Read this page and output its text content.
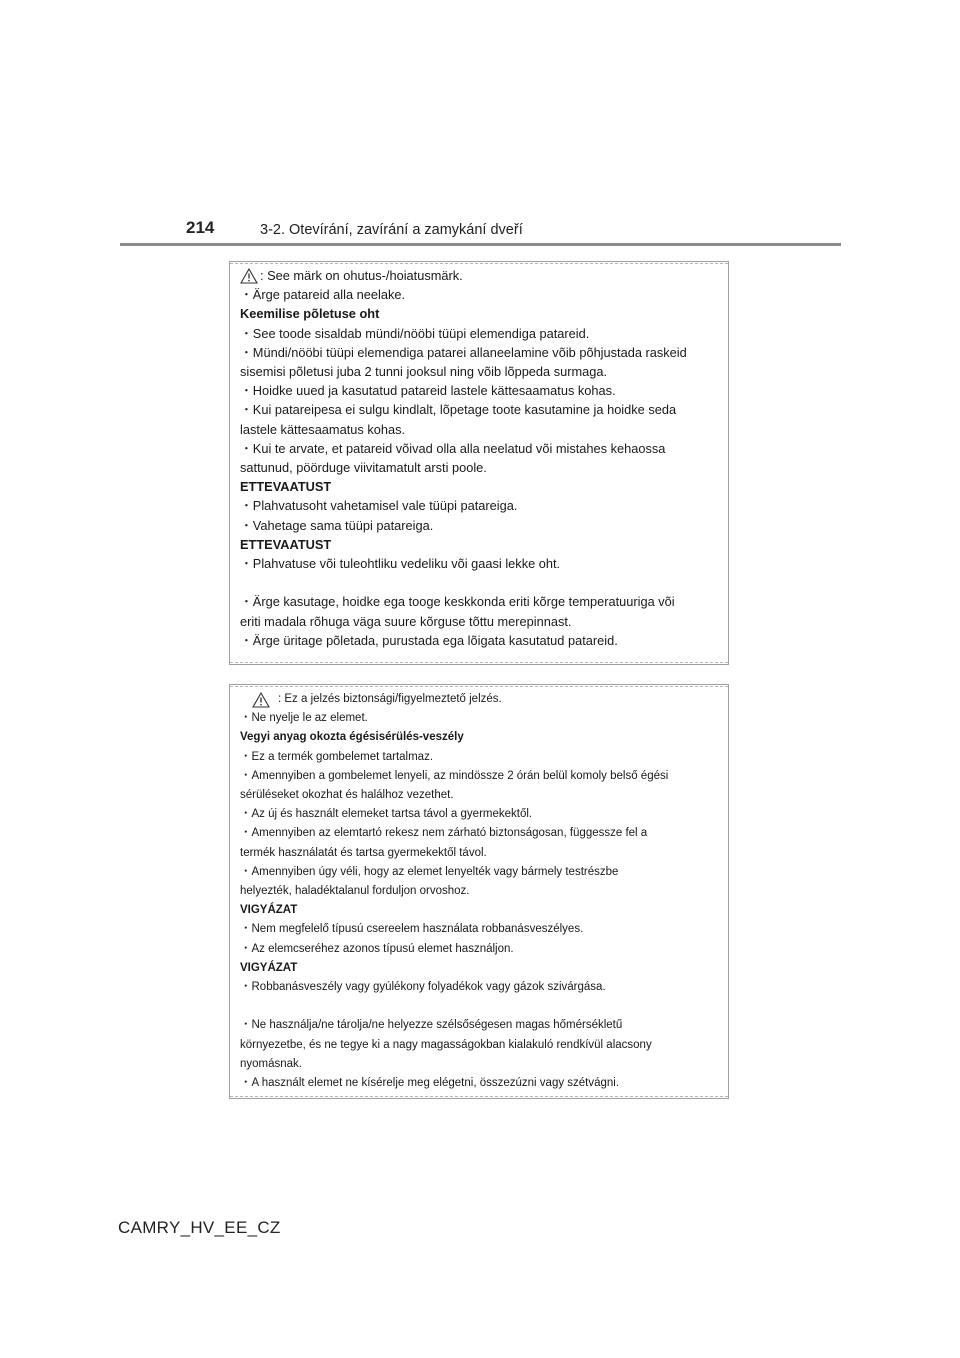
214	3-2. Otevírání, zavírání a zamykání dveří
: See märk on ohutus-/hoiatusmärk.
・Ärge patareid alla neelake.
Keemilise põletuse oht
・See toode sisaldab mündi/nööbi tüüpi elemendiga patareid.
・Mündi/nööbi tüüpi elemendiga patarei allaneelamine võib põhjustada raskeid
sisemisi põletusi juba 2 tunni jooksul ning võib lõppeda surmaga.
・Hoidke uued ja kasutatud patareid lastele kättesaamatus kohas.
・Kui patareipesa ei sulgu kindlalt, lõpetage toote kasutamine ja hoidke seda
lastele kättesaamatus kohas.
・Kui te arvate, et patareid võivad olla alla neelatud või mistahes kehaossa
sattunud, pöörduge viivitamatult arsti poole.
ETTEVAATUST
・Plahvatusoht vahetamisel vale tüüpi patareiga.
・Vahetage sama tüüpi patareiga.
ETTEVAATUST
・Plahvatuse või tuleohtliku vedeliku või gaasi lekke oht.
・Ärge kasutage, hoidke ega tooge keskkonda eriti kõrge temperatuuriga või
eriti madala rõhuga väga suure kõrguse tõttu merepinnast.
・Ärge üritage põletada, purustada ega lõigata kasutatud patareid.
: Ez a jelzés biztonsági/figyelmeztető jelzés.
・Ne nyelje le az elemet.
Vegyi anyag okozta égésisérülés-veszély
・Ez a termék gombelemet tartalmaz.
・Amennyiben a gombelemet lenyeli, az mindössze 2 órán belül komoly belső égési
sérüléseket okozhat és halálhoz vezethet.
・Az új és használt elemeket tartsa távol a gyermekektől.
・Amennyiben az elemtartó rekesz nem zárható biztonságosan, függessze fel a
termék használatát és tartsa gyermekektől távol.
・Amennyiben úgy véli, hogy az elemet lenyelték vagy bármely testrészbe
helyezték, haladéktalanul forduljon orvoshoz.
VIGYÁZAT
・Nem megfelelő típusú csereelem használata robbanásveszélyes.
・Az elemcseréhez azonos típusú elemet használjon.
VIGYÁZAT
・Robbanásveszély vagy gyúlékony folyadékok vagy gázok szivárgása.
・Ne használja/ne tárolja/ne helyezze szélsőségesen magas hőmérsékletű
környezetbe, és ne tegye ki a nagy magasságokban kialakuló rendkívül alacsony
nyomásnak.
・A használt elemet ne kísérelje meg elégetni, összezúzni vagy szétvágni.
CAMRY_HV_EE_CZ
